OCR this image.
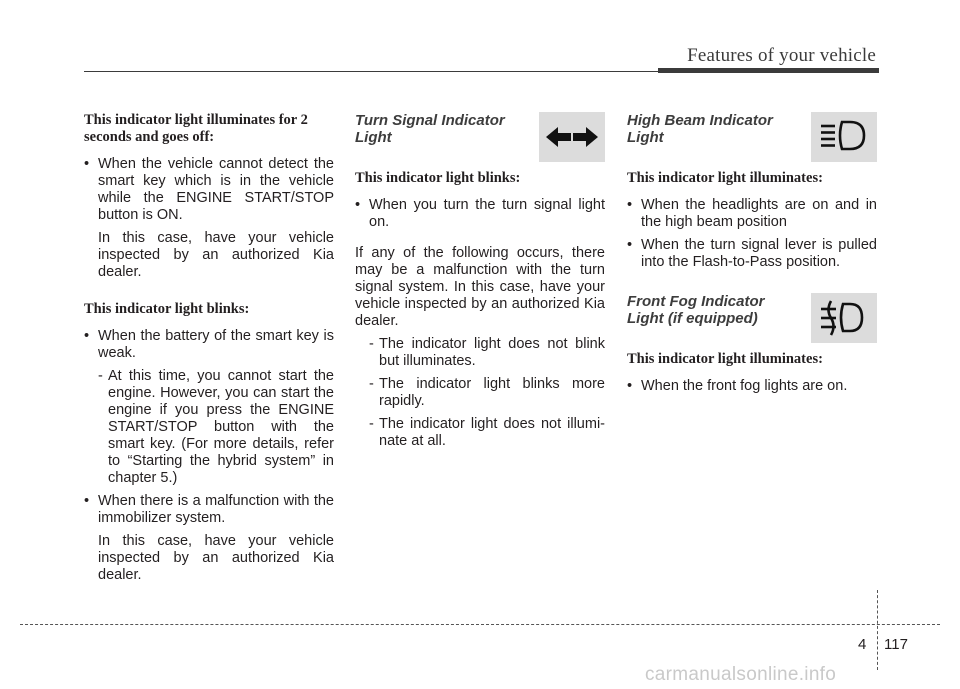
Features of your vehicle

This indicator light illuminates for 2 seconds and goes off:

• When the vehicle cannot detect the smart key which is in the vehicle while the ENGINE START/STOP button is ON.

In this case, have your vehicle inspected by an authorized Kia dealer.

This indicator light blinks:

• When the battery of the smart key is weak.
- At this time, you cannot start the engine. However, you can start the engine if you press the ENGINE START/STOP button with the smart key. (For more details, refer to “Starting the hybrid system” in chapter 5.)
• When there is a malfunction with the immobilizer system.

In this case, have your vehicle inspected by an authorized Kia dealer.

Turn Signal Indicator Light

This indicator light blinks:

• When you turn the turn signal light on.

If any of the following occurs, there may be a malfunction with the turn signal system. In this case, have your vehicle inspected by an authorized Kia dealer.

- The indicator light does not blink but illuminates.
- The indicator light blinks more rapidly.
- The indicator light does not illumi-nate at all.
High Beam Indicator Light

This indicator light illuminates:

• When the headlights are on and in the high beam position
• When the turn signal lever is pulled into the Flash-to-Pass position.
Front Fog Indicator Light (if equipped)

This indicator light illuminates:

• When the front fog lights are on.
4 117
carmanualsonline.info
